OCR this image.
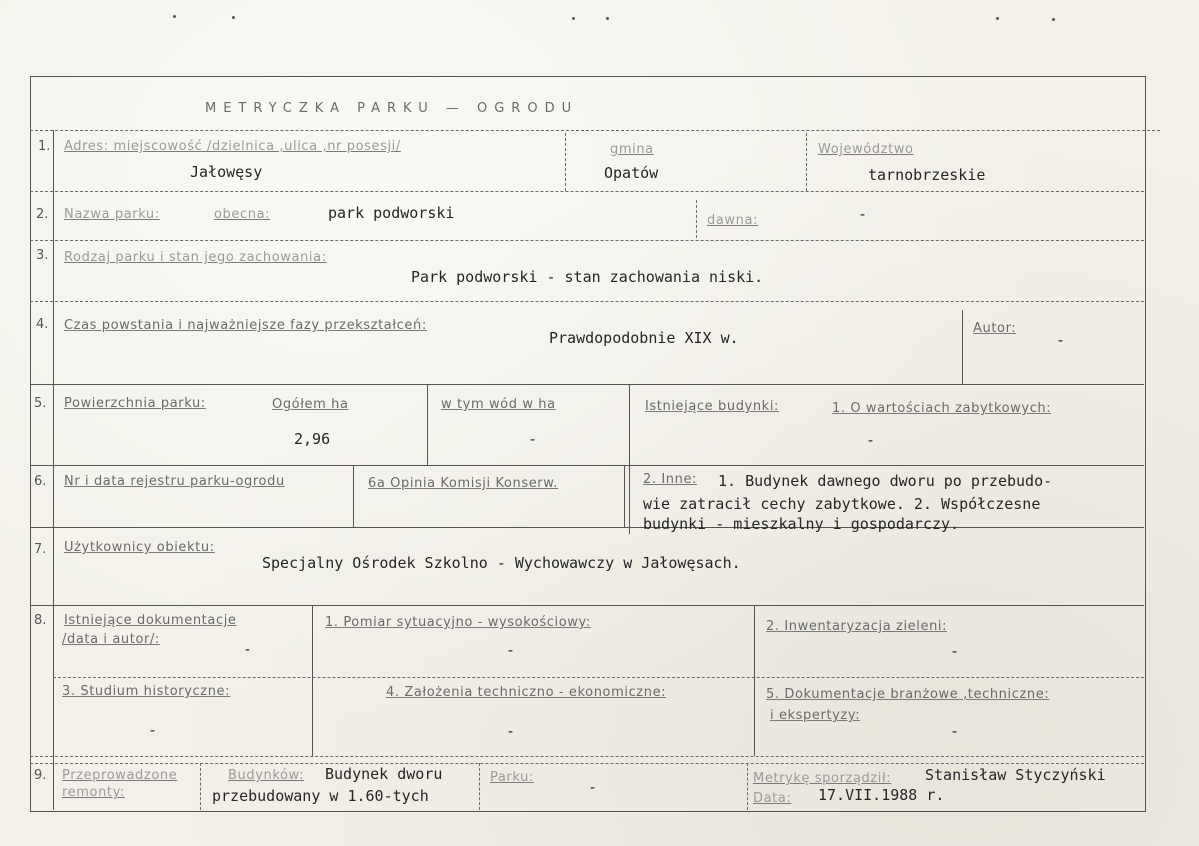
METRYCZKA PARKU — OGRODU
1. Adres: miejscowość /dzielnica ,ulica ,nr posesji/
Jałowęsy
gmina
Opatów
Województwo
tarnobrzeskie
2. Nazwa parku:	obecna:	park podworski	dawna:	-
3. Rodzaj parku i stan jego zachowania:
Park podworski - stan zachowania niski.
4. Czas powstania i najważniejsze fazy przekształceń:
Prawdopodobnie XIX w.
Autor:
-
5. Powierzchnia parku:	Ogółem ha
2,96
w tym wód w ha
-
Istniejące budynki:	1. O wartościach zabytkowych:
-
6. Nr i data rejestru parku-ogrodu	6a Opinia Komisji Konserw.	2. Inne: 1. Budynek dawnego dworu po przebudo-
wie zatracił cechy zabytkowe. 2. Współczesne
budynki - mieszkalny i gospodarczy.
7. Użytkownicy obiektu:
Specjalny Ośrodek Szkolno - Wychowawczy w Jałowęsach.
8. Istniejące dokumentacje
/data i autor/:
-
1. Pomiar sytuacyjno - wysokościowy:
-
2. Inwentaryzacja zieleni:
-
3. Studium historyczne:
-
4. Założenia techniczno - ekonomiczne:
-
5. Dokumentacje branżowe ,techniczne:
i ekspertyzy:
-
9. Przeprowadzone
remonty:
Budynków: Budynek dworu
przebudowany w 1.60-tych
Parku:
-	Metrykę sporządził: Stanisław Styczyński
Data: 17.VII.1988 r.
